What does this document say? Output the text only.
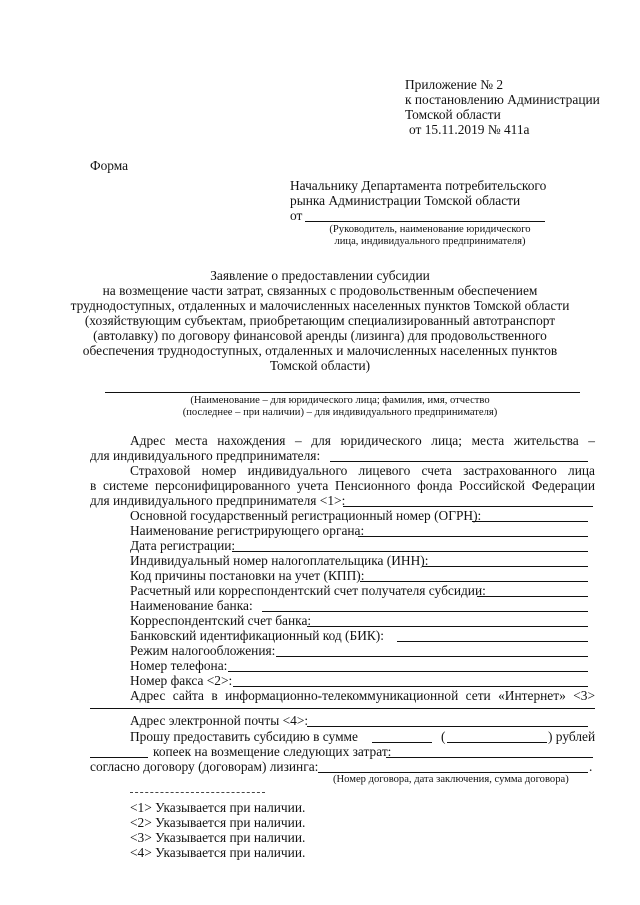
Приложение № 2
к постановлению Администрации
Томской области
от 15.11.2019 № 411а
Форма
Начальнику Департамента потребительского
рынка Администрации Томской области
от
(Руководитель, наименование юридического
лица, индивидуального предпринимателя)
Заявление о предоставлении субсидии
на возмещение части затрат, связанных с продовольственным обеспечением
труднодоступных, отдаленных и малочисленных населенных пунктов Томской области
(хозяйствующим субъектам, приобретающим специализированный автотранспорт
(автолавку) по договору финансовой аренды (лизинга) для продовольственного
обеспечения труднодоступных, отдаленных и малочисленных населенных пунктов
Томской области)
(Наименование – для юридического лица; фамилия, имя, отчество
(последнее – при наличии) – для индивидуального предпринимателя)
Адрес места нахождения – для юридического лица; места жительства –
для индивидуального предпринимателя:
Страховой номер индивидуального лицевого счета застрахованного лица
в системе персонифицированного учета Пенсионного фонда Российской Федерации
для индивидуального предпринимателя <1>:
Основной государственный регистрационный номер (ОГРН):
Наименование регистрирующего органа:
Дата регистрации:
Индивидуальный номер налогоплательщика (ИНН):
Код причины постановки на учет (КПП):
Расчетный или корреспондентский счет получателя субсидии:
Наименование банка:
Корреспондентский счет банка:
Банковский идентификационный код (БИК):
Режим налогообложения:
Номер телефона:
Номер факса <2>:
Адрес сайта в информационно-телекоммуникационной сети «Интернет» <3>
Адрес электронной почты <4>:
Прошу предоставить субсидию в сумме	(	) рублей
копеек на возмещение следующих затрат:
согласно договору (договорам) лизинга:	.
(Номер договора, дата заключения, сумма договора)
<1> Указывается при наличии.
<2> Указывается при наличии.
<3> Указывается при наличии.
<4> Указывается при наличии.
